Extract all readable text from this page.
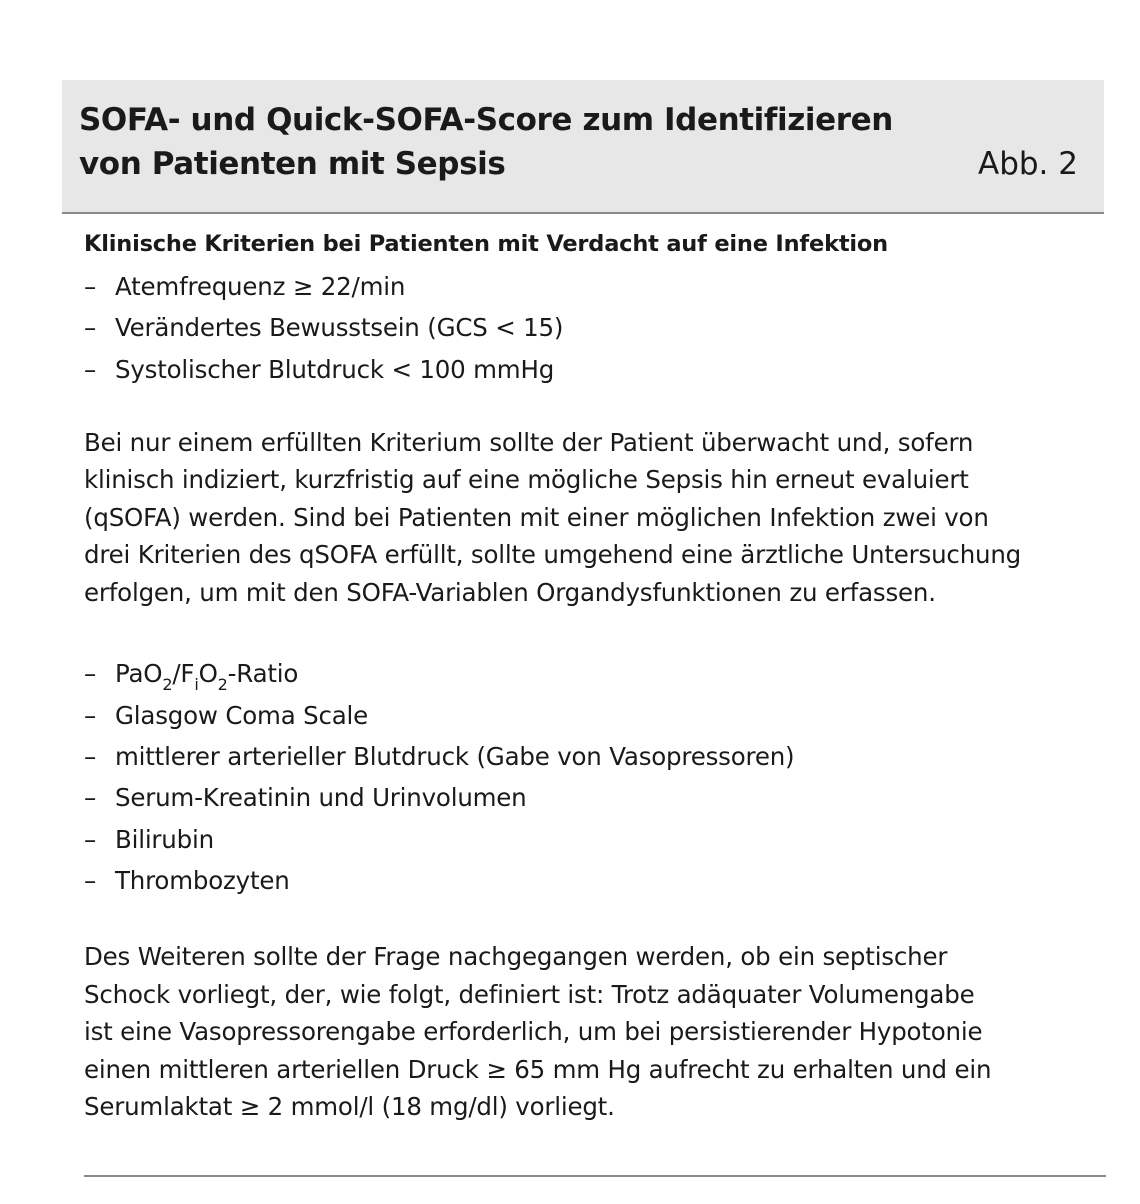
SOFA- und Quick-SOFA-Score zum Identifizieren
von Patienten mit Sepsis	Abb. 2

Klinische Kriterien bei Patienten mit Verdacht auf eine Infektion

– Atemfrequenz ≥ 22/min
– Verändertes Bewusstsein (GCS < 15)
– Systolischer Blutdruck < 100 mmHg

Bei nur einem erfüllten Kriterium sollte der Patient überwacht und, sofern
klinisch indiziert, kurzfristig auf eine mögliche Sepsis hin erneut evaluiert
(qSOFA) werden. Sind bei Patienten mit einer möglichen Infektion zwei von
drei Kriterien des qSOFA erfüllt, sollte umgehend eine ärztliche Untersuchung
erfolgen, um mit den SOFA-Variablen Organdysfunktionen zu erfassen.

– $PaO_2/F_iO_2$-Ratio
– Glasgow Coma Scale
– mittlerer arterieller Blutdruck (Gabe von Vasopressoren)
– Serum-Kreatinin und Urinvolumen
– Bilirubin
– Thrombozyten

Des Weiteren sollte der Frage nachgegangen werden, ob ein septischer
Schock vorliegt, der, wie folgt, definiert ist: Trotz adäquater Volumengabe
ist eine Vasopressorengabe erforderlich, um bei persistierender Hypotonie
einen mittleren arteriellen Druck ≥ 65 mm Hg aufrecht zu erhalten und ein
Serumlaktat ≥ 2 mmol/l (18 mg/dl) vorliegt.
